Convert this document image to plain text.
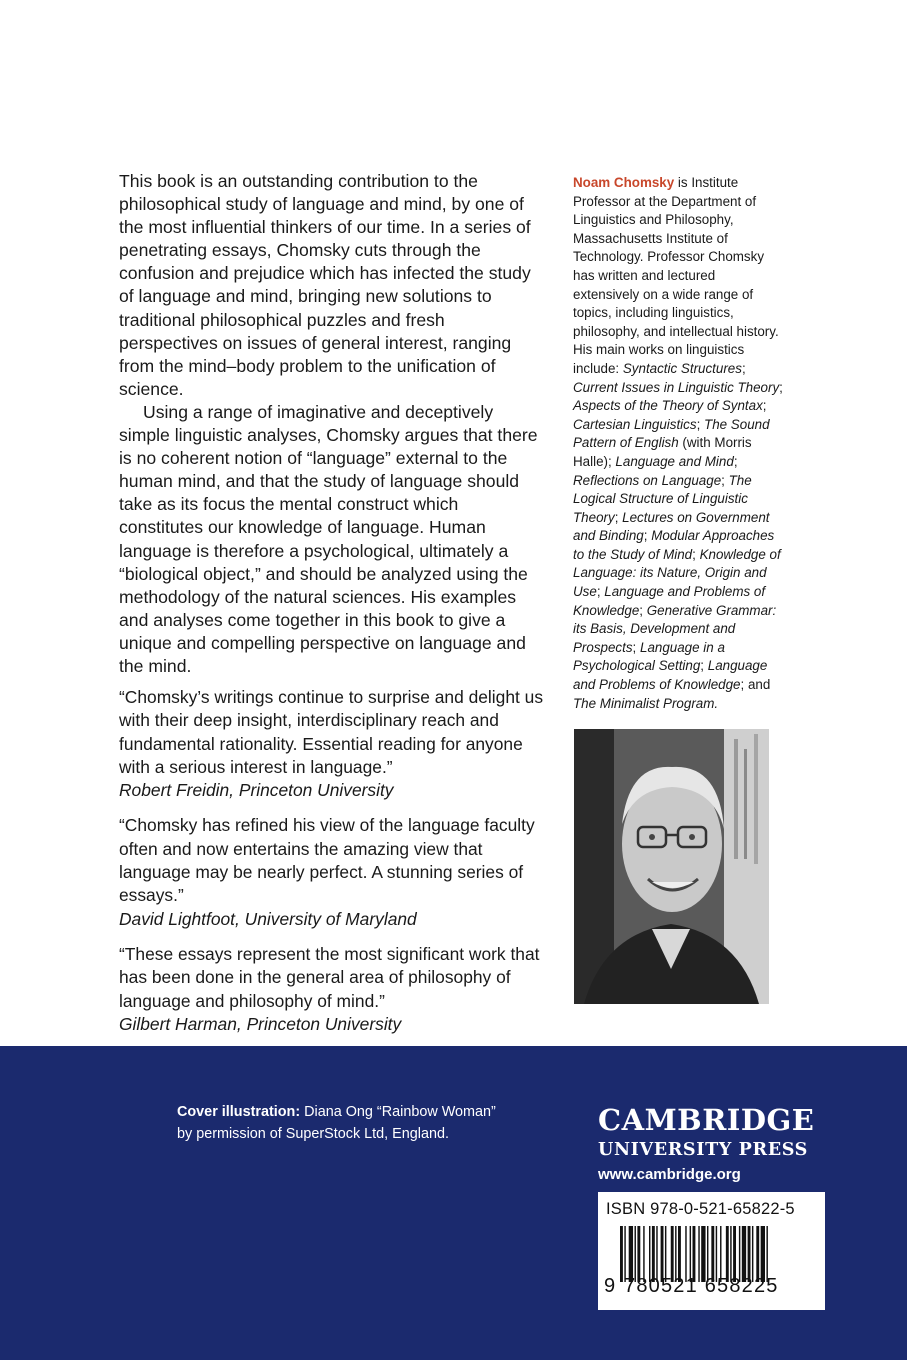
This book is an outstanding contribution to the philosophical study of language and mind, by one of the most influential thinkers of our time. In a series of penetrating essays, Chomsky cuts through the confusion and prejudice which has infected the study of language and mind, bringing new solutions to traditional philosophical puzzles and fresh perspectives on issues of general interest, ranging from the mind–body problem to the unification of science.

Using a range of imaginative and deceptively simple linguistic analyses, Chomsky argues that there is no coherent notion of “language” external to the human mind, and that the study of language should take as its focus the mental construct which constitutes our knowledge of language. Human language is therefore a psychological, ultimately a “biological object,” and should be analyzed using the methodology of the natural sciences. His examples and analyses come together in this book to give a unique and compelling perspective on language and the mind.

“Chomsky’s writings continue to surprise and delight us with their deep insight, interdisciplinary reach and fundamental rationality. Essential reading for anyone with a serious interest in language.”
Robert Freidin, Princeton University
“Chomsky has refined his view of the language faculty often and now entertains the amazing view that language may be nearly perfect. A stunning series of essays.”
David Lightfoot, University of Maryland
“These essays represent the most significant work that has been done in the general area of philosophy of language and philosophy of mind.”
Gilbert Harman, Princeton University
Noam Chomsky is Institute Professor at the Department of Linguistics and Philosophy, Massachusetts Institute of Technology. Professor Chomsky has written and lectured extensively on a wide range of topics, including linguistics, philosophy, and intellectual history. His main works on linguistics include: Syntactic Structures; Current Issues in Linguistic Theory; Aspects of the Theory of Syntax; Cartesian Linguistics; The Sound Pattern of English (with Morris Halle); Language and Mind; Reflections on Language; The Logical Structure of Linguistic Theory; Lectures on Government and Binding; Modular Approaches to the Study of Mind; Knowledge of Language: its Nature, Origin and Use; Language and Problems of Knowledge; Generative Grammar: its Basis, Development and Prospects; Language in a Psychological Setting; Language and Problems of Knowledge; and The Minimalist Program.
Cover illustration: Diana Ong “Rainbow Woman” by permission of SuperStock Ltd, England.	CAMBRIDGE
UNIVERSITY PRESS
www.cambridge.org
ISBN 978-0-521-65822-5
9 780521 658225
